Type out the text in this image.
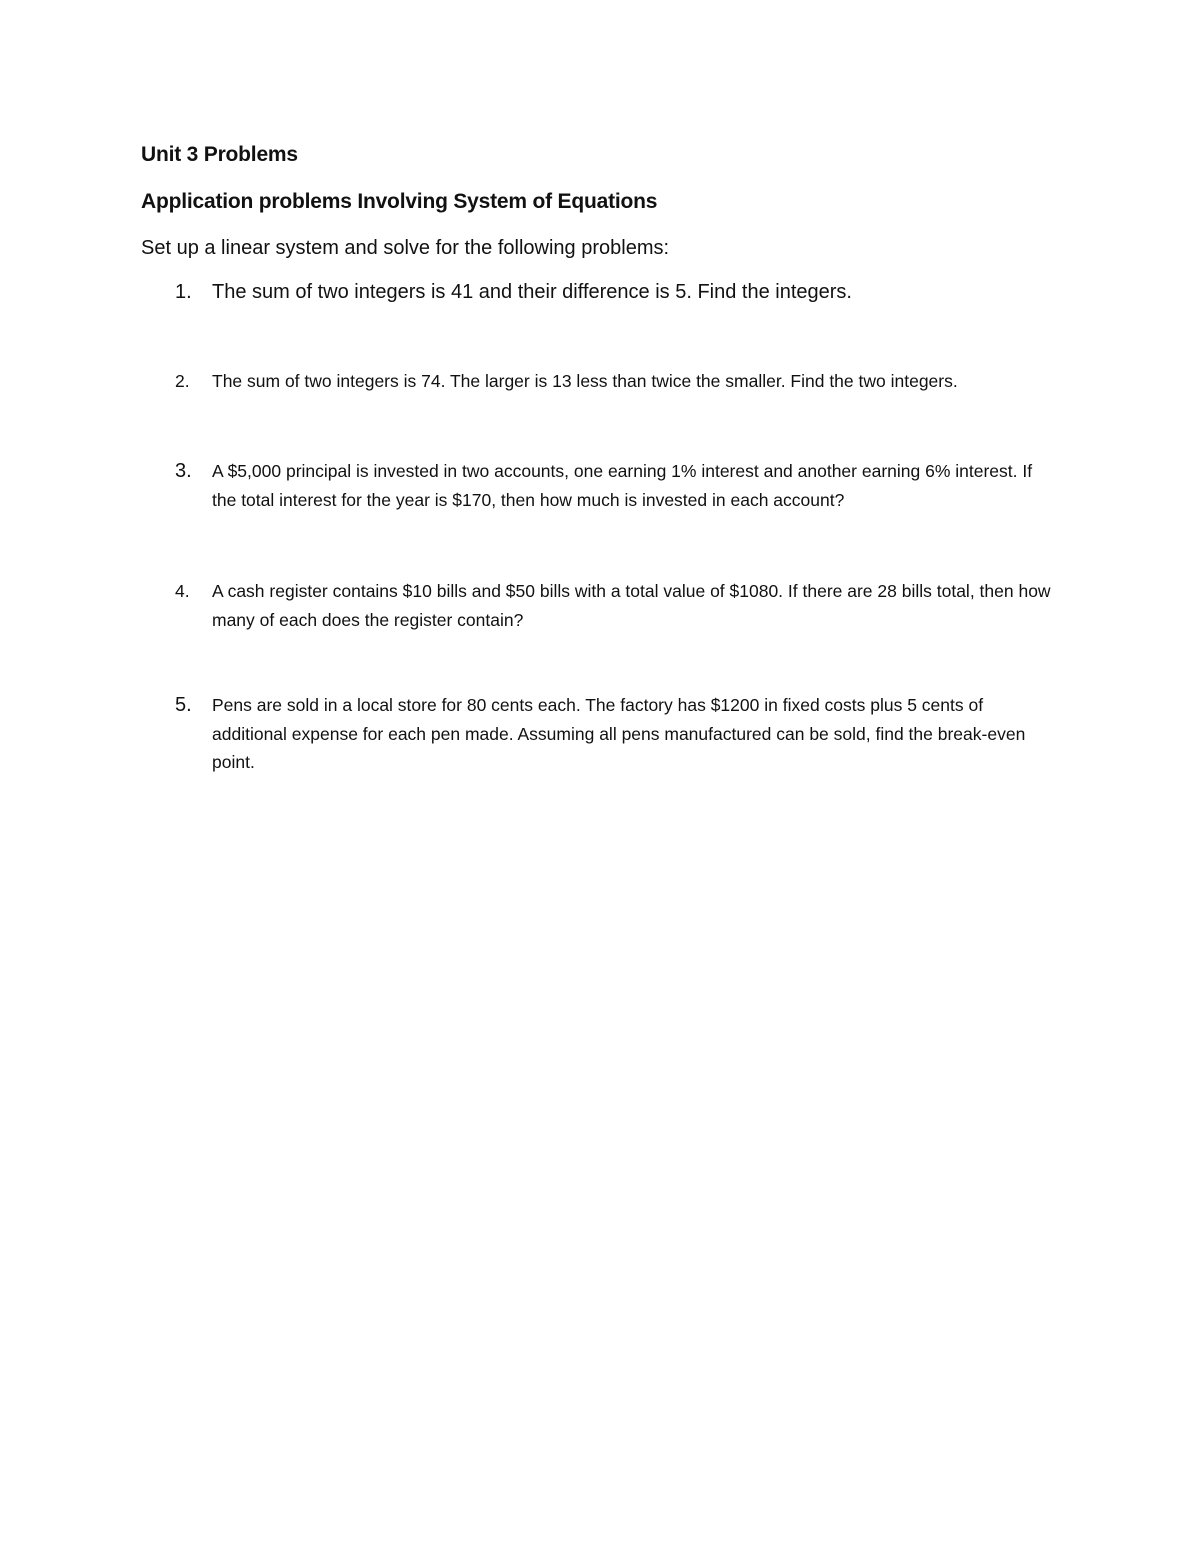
Unit 3 Problems
Application problems Involving System of Equations
Set up a linear system and solve for the following problems:
1.	The sum of two integers is 41 and their difference is 5. Find the integers.
2.	The sum of two integers is 74. The larger is 13 less than twice the smaller. Find the two integers.
3.	A $5,000 principal is invested in two accounts, one earning 1% interest and another earning 6% interest. If the total interest for the year is $170, then how much is invested in each account?
4.	A cash register contains $10 bills and $50 bills with a total value of $1080. If there are 28 bills total, then how many of each does the register contain?
5.	Pens are sold in a local store for 80 cents each. The factory has $1200 in fixed costs plus 5 cents of additional expense for each pen made. Assuming all pens manufactured can be sold, find the break-even point.
